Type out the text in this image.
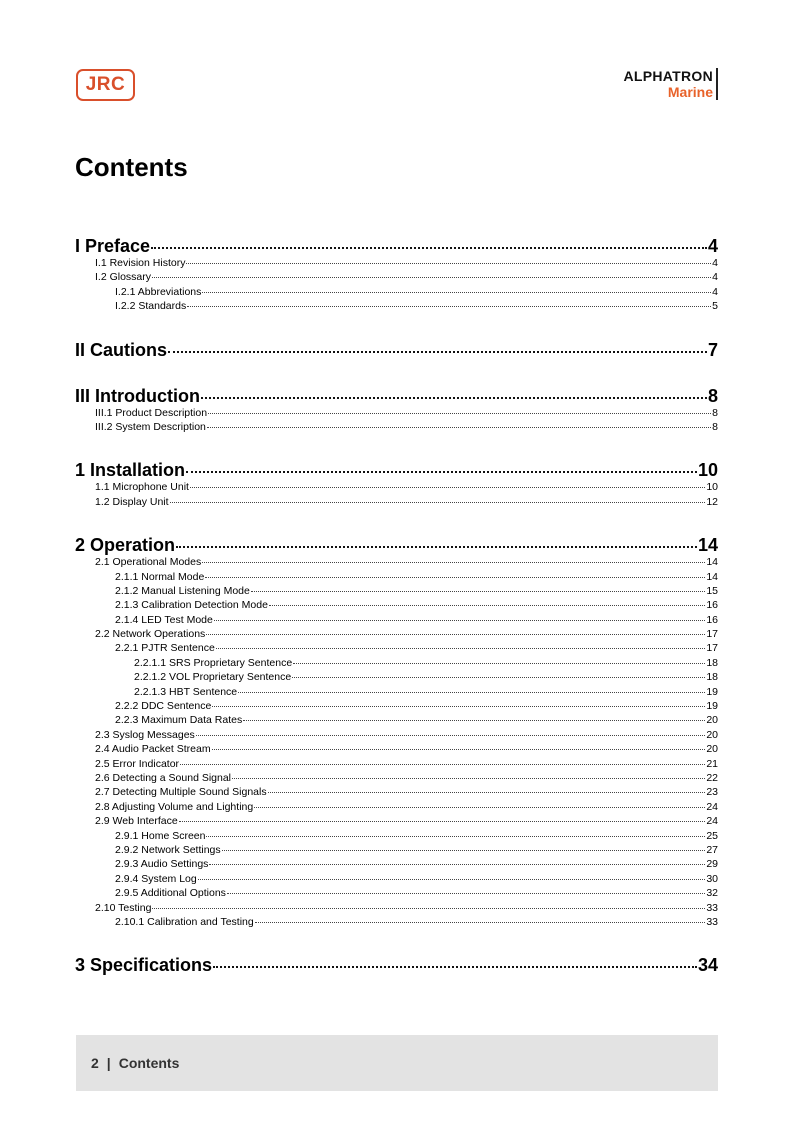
JRC	ALPHATRON
Marine
Contents
I Preface	4
I.1 Revision History	4
I.2 Glossary	4
I.2.1 Abbreviations	4
I.2.2 Standards	5
II Cautions	7
III Introduction	8
III.1 Product Description	8
III.2 System Description	8
1 Installation	10
1.1 Microphone Unit	10
1.2 Display Unit	12
2 Operation	14
2.1 Operational Modes	14
2.1.1 Normal Mode	14
2.1.2 Manual Listening Mode	15
2.1.3 Calibration Detection Mode	16
2.1.4 LED Test Mode	16
2.2 Network Operations	17
2.2.1 PJTR Sentence	17
2.2.1.1 SRS Proprietary Sentence	18
2.2.1.2 VOL Proprietary Sentence	18
2.2.1.3 HBT Sentence	19
2.2.2 DDC Sentence	19
2.2.3 Maximum Data Rates	20
2.3 Syslog Messages	20
2.4 Audio Packet Stream	20
2.5 Error Indicator	21
2.6 Detecting a Sound Signal	22
2.7 Detecting Multiple Sound Signals	23
2.8 Adjusting Volume and Lighting	24
2.9 Web Interface	24
2.9.1 Home Screen	25
2.9.2 Network Settings	27
2.9.3 Audio Settings	29
2.9.4 System Log	30
2.9.5 Additional Options	32
2.10 Testing	33
2.10.1 Calibration and Testing	33
3 Specifications	34
2 | Contents
